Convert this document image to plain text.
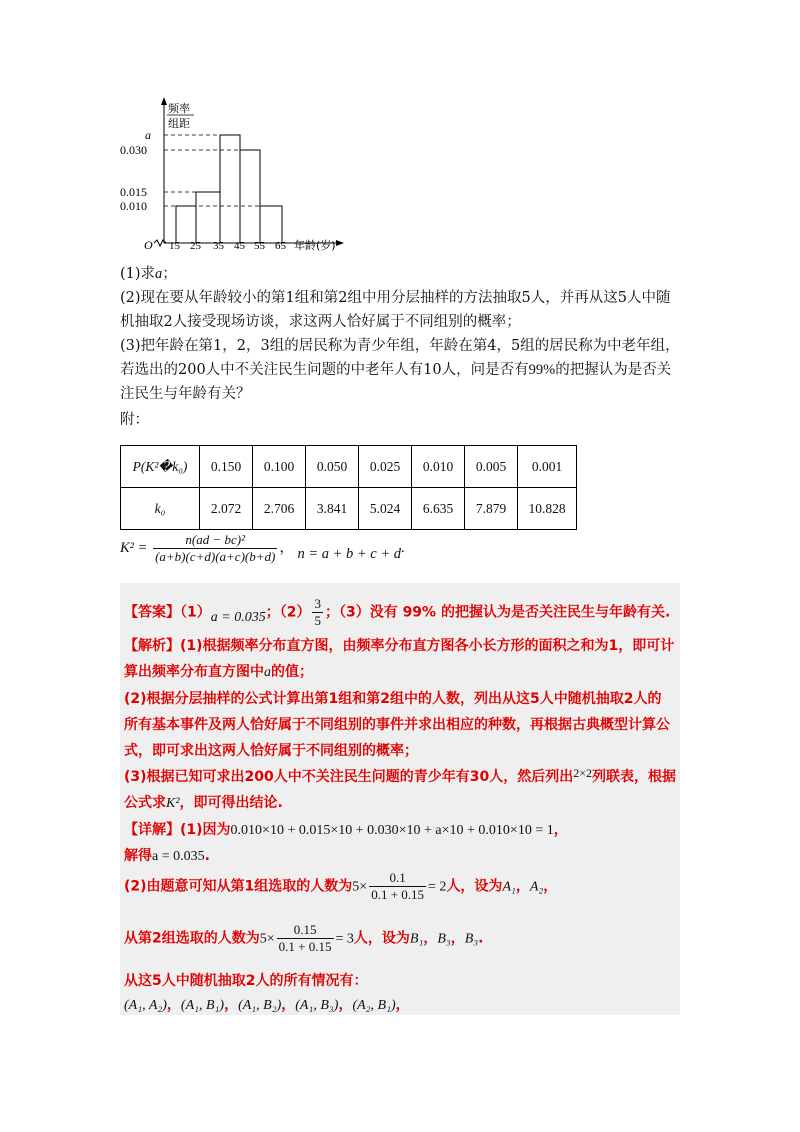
频率
组距
a
0.030
0.015
0.010
O 15 25 35 45 55 65 年龄(岁)
(1)求a；
(2)现在要从年龄较小的第1组和第2组中用分层抽样的方法抽取5人，并再从这5人中随机抽取2人接受现场访谈，求这两人恰好属于不同组别的概率；
(3)把年龄在第1，2，3组的居民称为青少年组，年龄在第4，5组的居民称为中老年组，若选出的200人中不关注民生问题的中老年人有10人，问是否有99%的把握认为是否关注民生与年龄有关？
附：
P(K²�k₀)	0.150	0.100	0.050	0.025	0.010	0.005	0.001
k₀	2.072	2.706	3.841	5.024	6.635	7.879	10.828
$K^2 = \frac{\text{n(ad − bc)²}}{(a+b)(c+d)(a+c)(b+d)}$ ， n = a + b + c + d.
【答案】（1）a = 0.035；$(2) \frac{3}{5}$ ；（3）没有 99% 的把握认为是否关注民生与年龄有关.
【解析】(1)根据频率分布直方图，由频率分布直方图各小长方形的面积之和为1，即可计
算出频率分布直方图中a的值；
(2)根据分层抽样的公式计算出第1组和第2组中的人数，列出从这5人中随机抽取2人的
所有基本事件及两人恰好属于不同组别的事件并求出相应的种数，再根据古典概型计算公
式，即可求出这两人恰好属于不同组别的概率；
(3)根据已知可求出200人中不关注民生问题的青少年有30人，然后列出2×2列联表，根据
公式求K²，即可得出结论.
【详解】(1)因为0.010×10 + 0.015×10 + 0.030×10 + a×10 + 0.010×10 = 1，
解得a = 0.035.
(2)由题意可知从第1组选取的人数为$5\times \frac{0.1}{0.1 + 0.15} = 2$人，设为A₁，A₂，
从第2组选取的人数为$5\times \frac{0.15}{0.1 + 0.15} = 3$人，设为B₁，B₃，B₃.
从这5人中随机抽取2人的所有情况有：
(A₁, A₂)，(A₁, B₁)，(A₁, B₂)，(A₁, B₃)，(A₂, B₁)，
